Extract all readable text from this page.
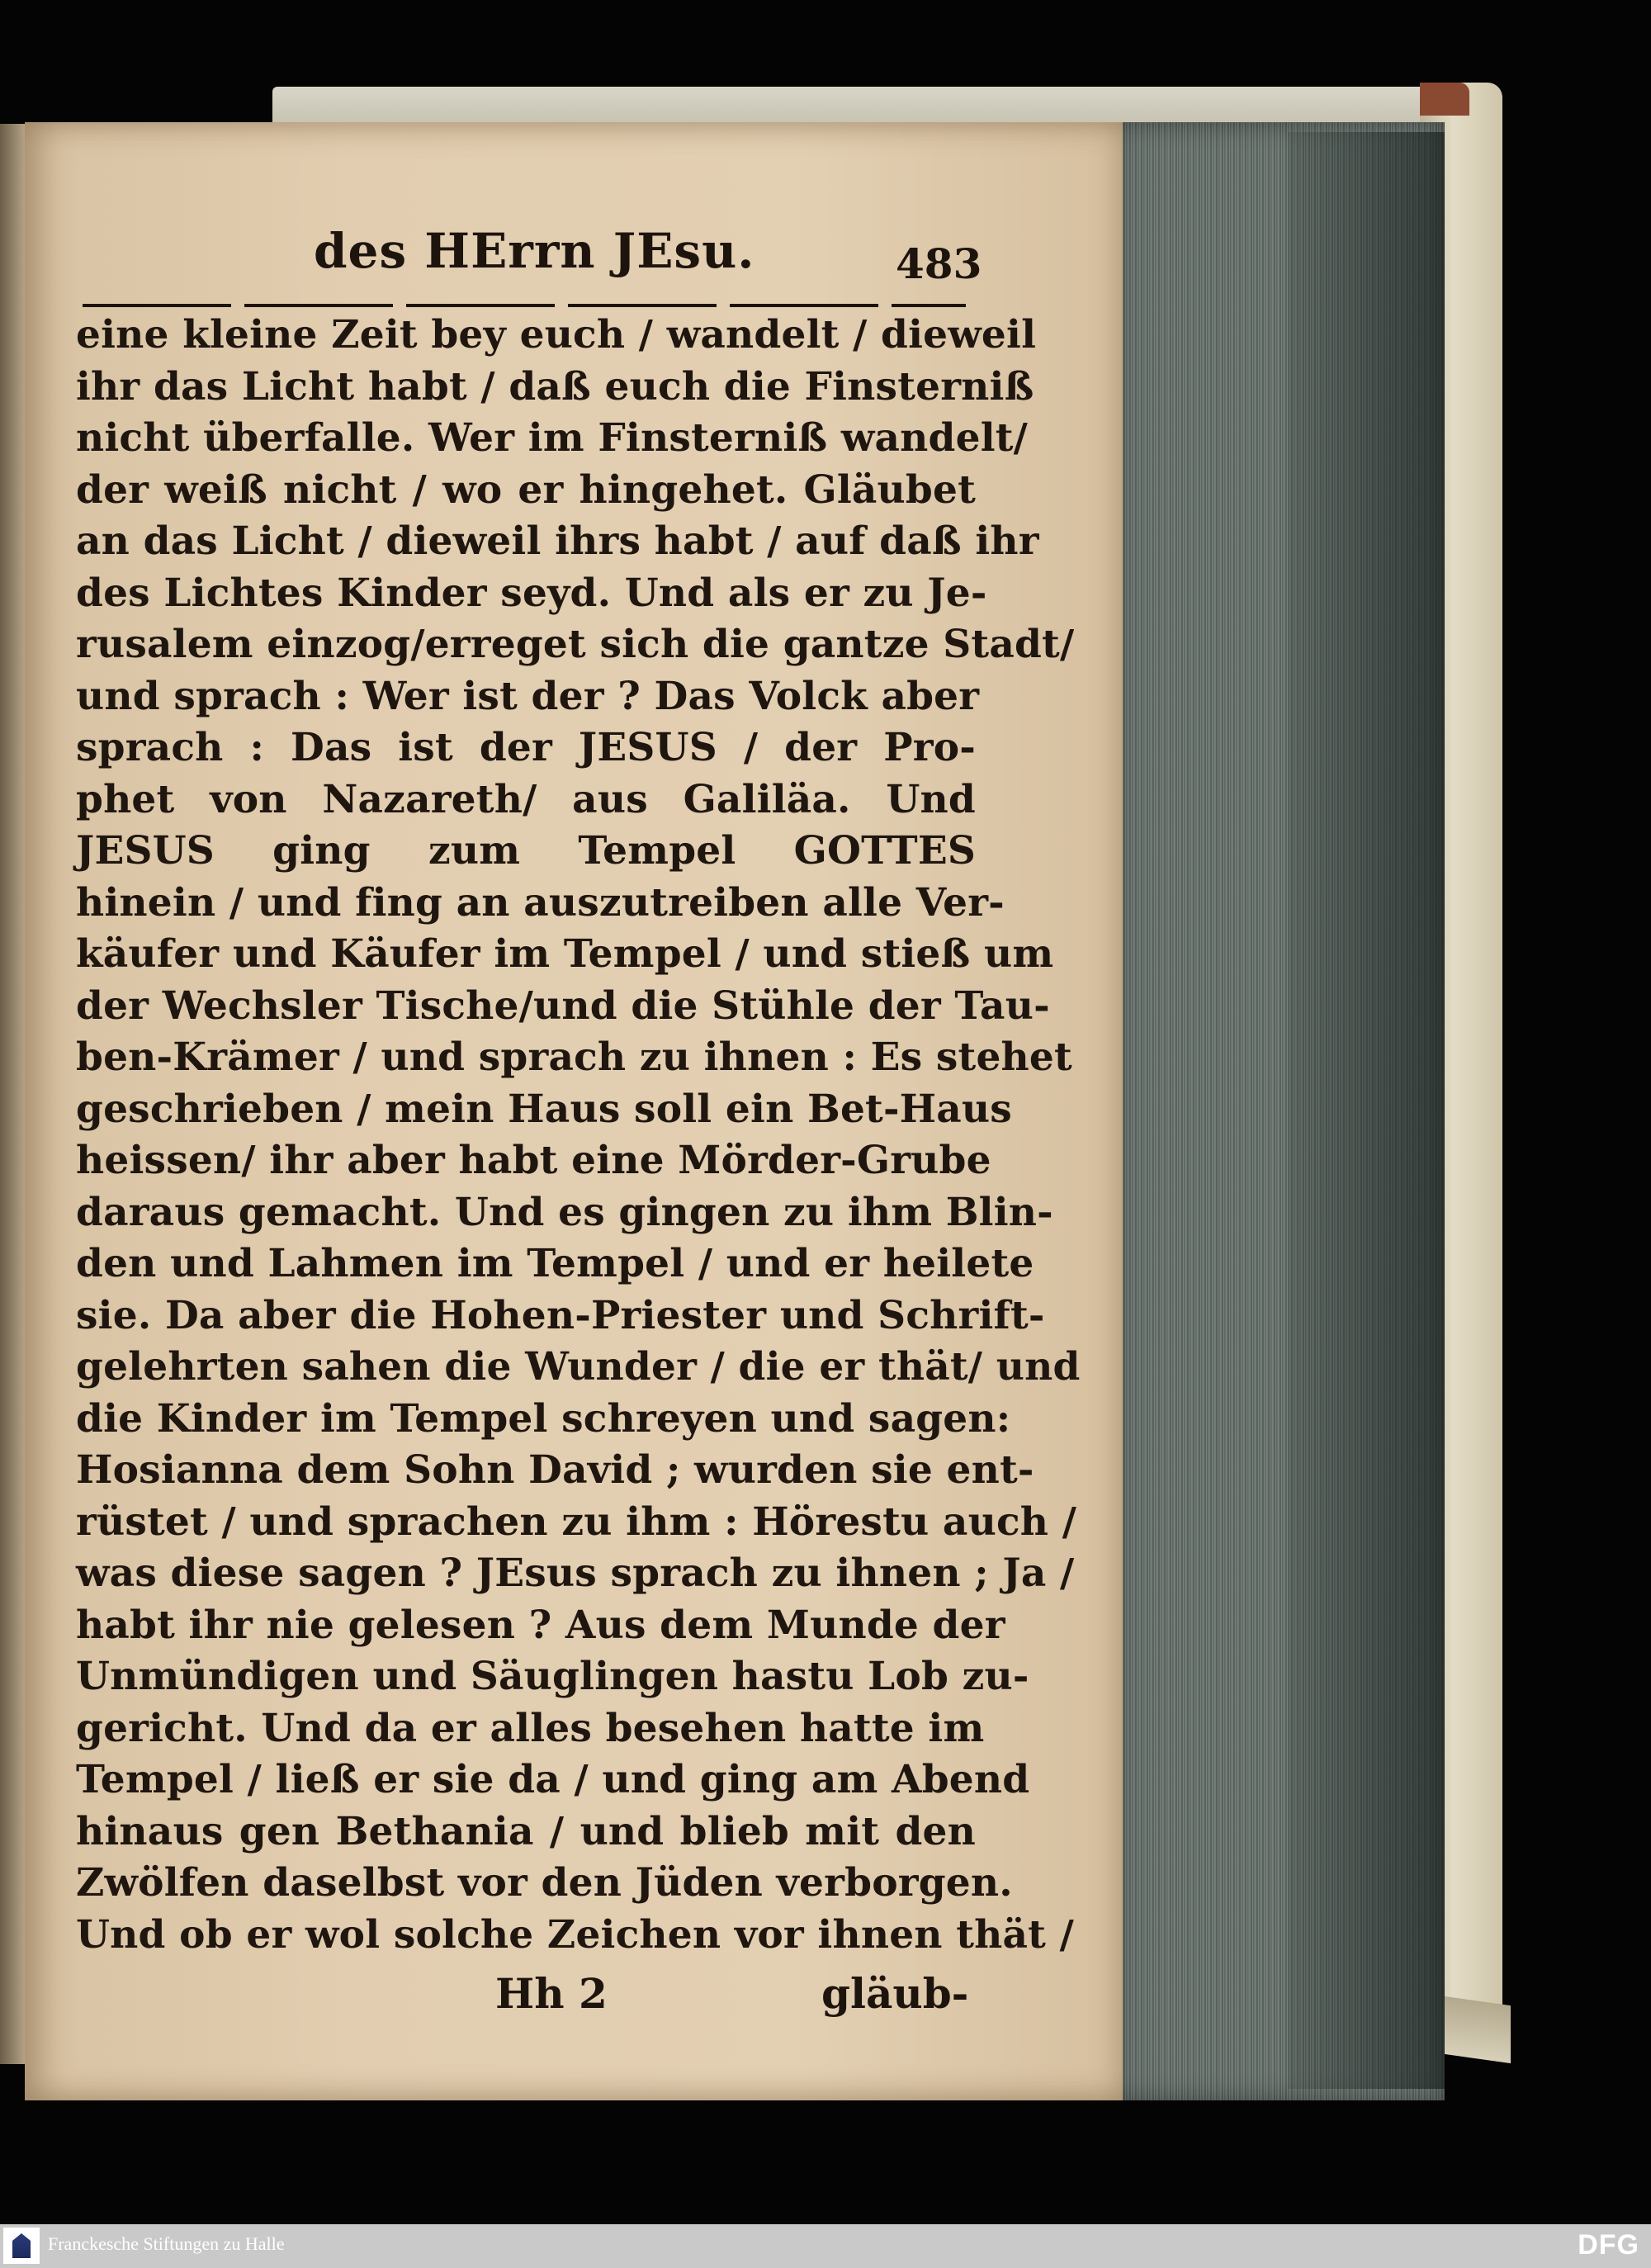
des HErrn JEsu.	483
eine kleine Zeit bey euch / wandelt / dieweil
ihr das Licht habt / daß euch die Finsterniß
nicht überfalle. Wer im Finsterniß wandelt/
der weiß nicht / wo er hingehet. Gläubet
an das Licht / dieweil ihrs habt / auf daß ihr
des Lichtes Kinder seyd. Und als er zu Je-
rusalem einzog/erreget sich die gantze Stadt/
und sprach : Wer ist der ? Das Volck aber
sprach : Das ist der JESUS / der Pro-
phet von Nazareth/ aus Galiläa. Und
JESUS ging zum Tempel GOTTES
hinein / und fing an auszutreiben alle Ver-
käufer und Käufer im Tempel / und stieß um
der Wechsler Tische/und die Stühle der Tau-
ben-Krämer / und sprach zu ihnen : Es stehet
geschrieben / mein Haus soll ein Bet-Haus
heissen/ ihr aber habt eine Mörder-Grube
daraus gemacht. Und es gingen zu ihm Blin-
den und Lahmen im Tempel / und er heilete
sie. Da aber die Hohen-Priester und Schrift-
gelehrten sahen die Wunder / die er thät/ und
die Kinder im Tempel schreyen und sagen:
Hosianna dem Sohn David ; wurden sie ent-
rüstet / und sprachen zu ihm : Hörestu auch /
was diese sagen ? JEsus sprach zu ihnen ; Ja /
habt ihr nie gelesen ? Aus dem Munde der
Unmündigen und Säuglingen hastu Lob zu-
gericht. Und da er alles besehen hatte im
Tempel / ließ er sie da / und ging am Abend
hinaus gen Bethania / und blieb mit den
Zwölfen daselbst vor den Jüden verborgen.
Und ob er wol solche Zeichen vor ihnen thät /
Hh 2	gläub-
Franckesche Stiftungen zu Halle	DFG
